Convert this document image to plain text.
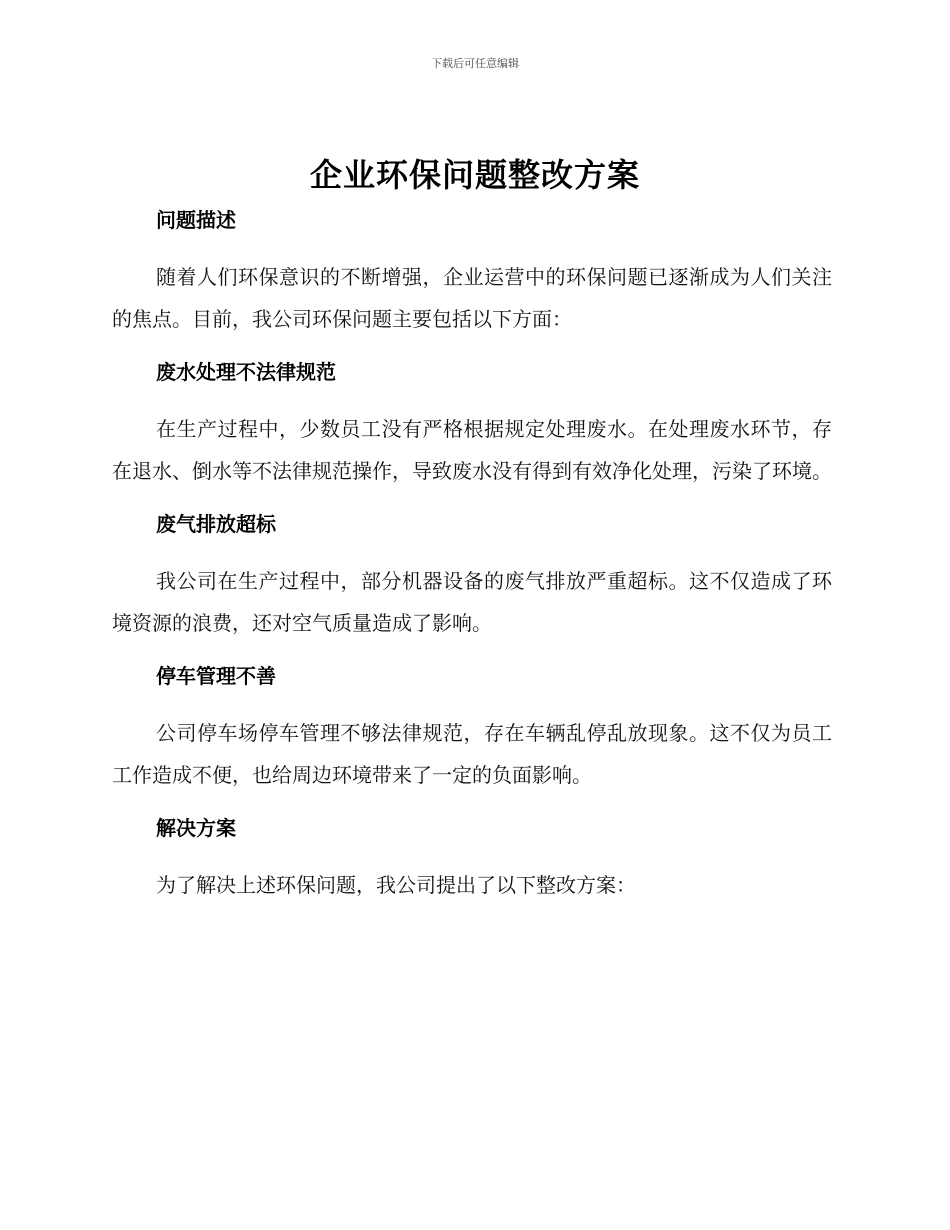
下载后可任意编辑
企业环保问题整改方案
问题描述

随着人们环保意识的不断增强，企业运营中的环保问题已逐渐成为人们关注的焦点。目前，我公司环保问题主要包括以下方面：

废水处理不法律规范

在生产过程中，少数员工没有严格根据规定处理废水。在处理废水环节，存在退水、倒水等不法律规范操作，导致废水没有得到有效净化处理，污染了环境。

废气排放超标

我公司在生产过程中，部分机器设备的废气排放严重超标。这不仅造成了环境资源的浪费，还对空气质量造成了影响。

停车管理不善

公司停车场停车管理不够法律规范，存在车辆乱停乱放现象。这不仅为员工工作造成不便，也给周边环境带来了一定的负面影响。

解决方案

为了解决上述环保问题，我公司提出了以下整改方案：
